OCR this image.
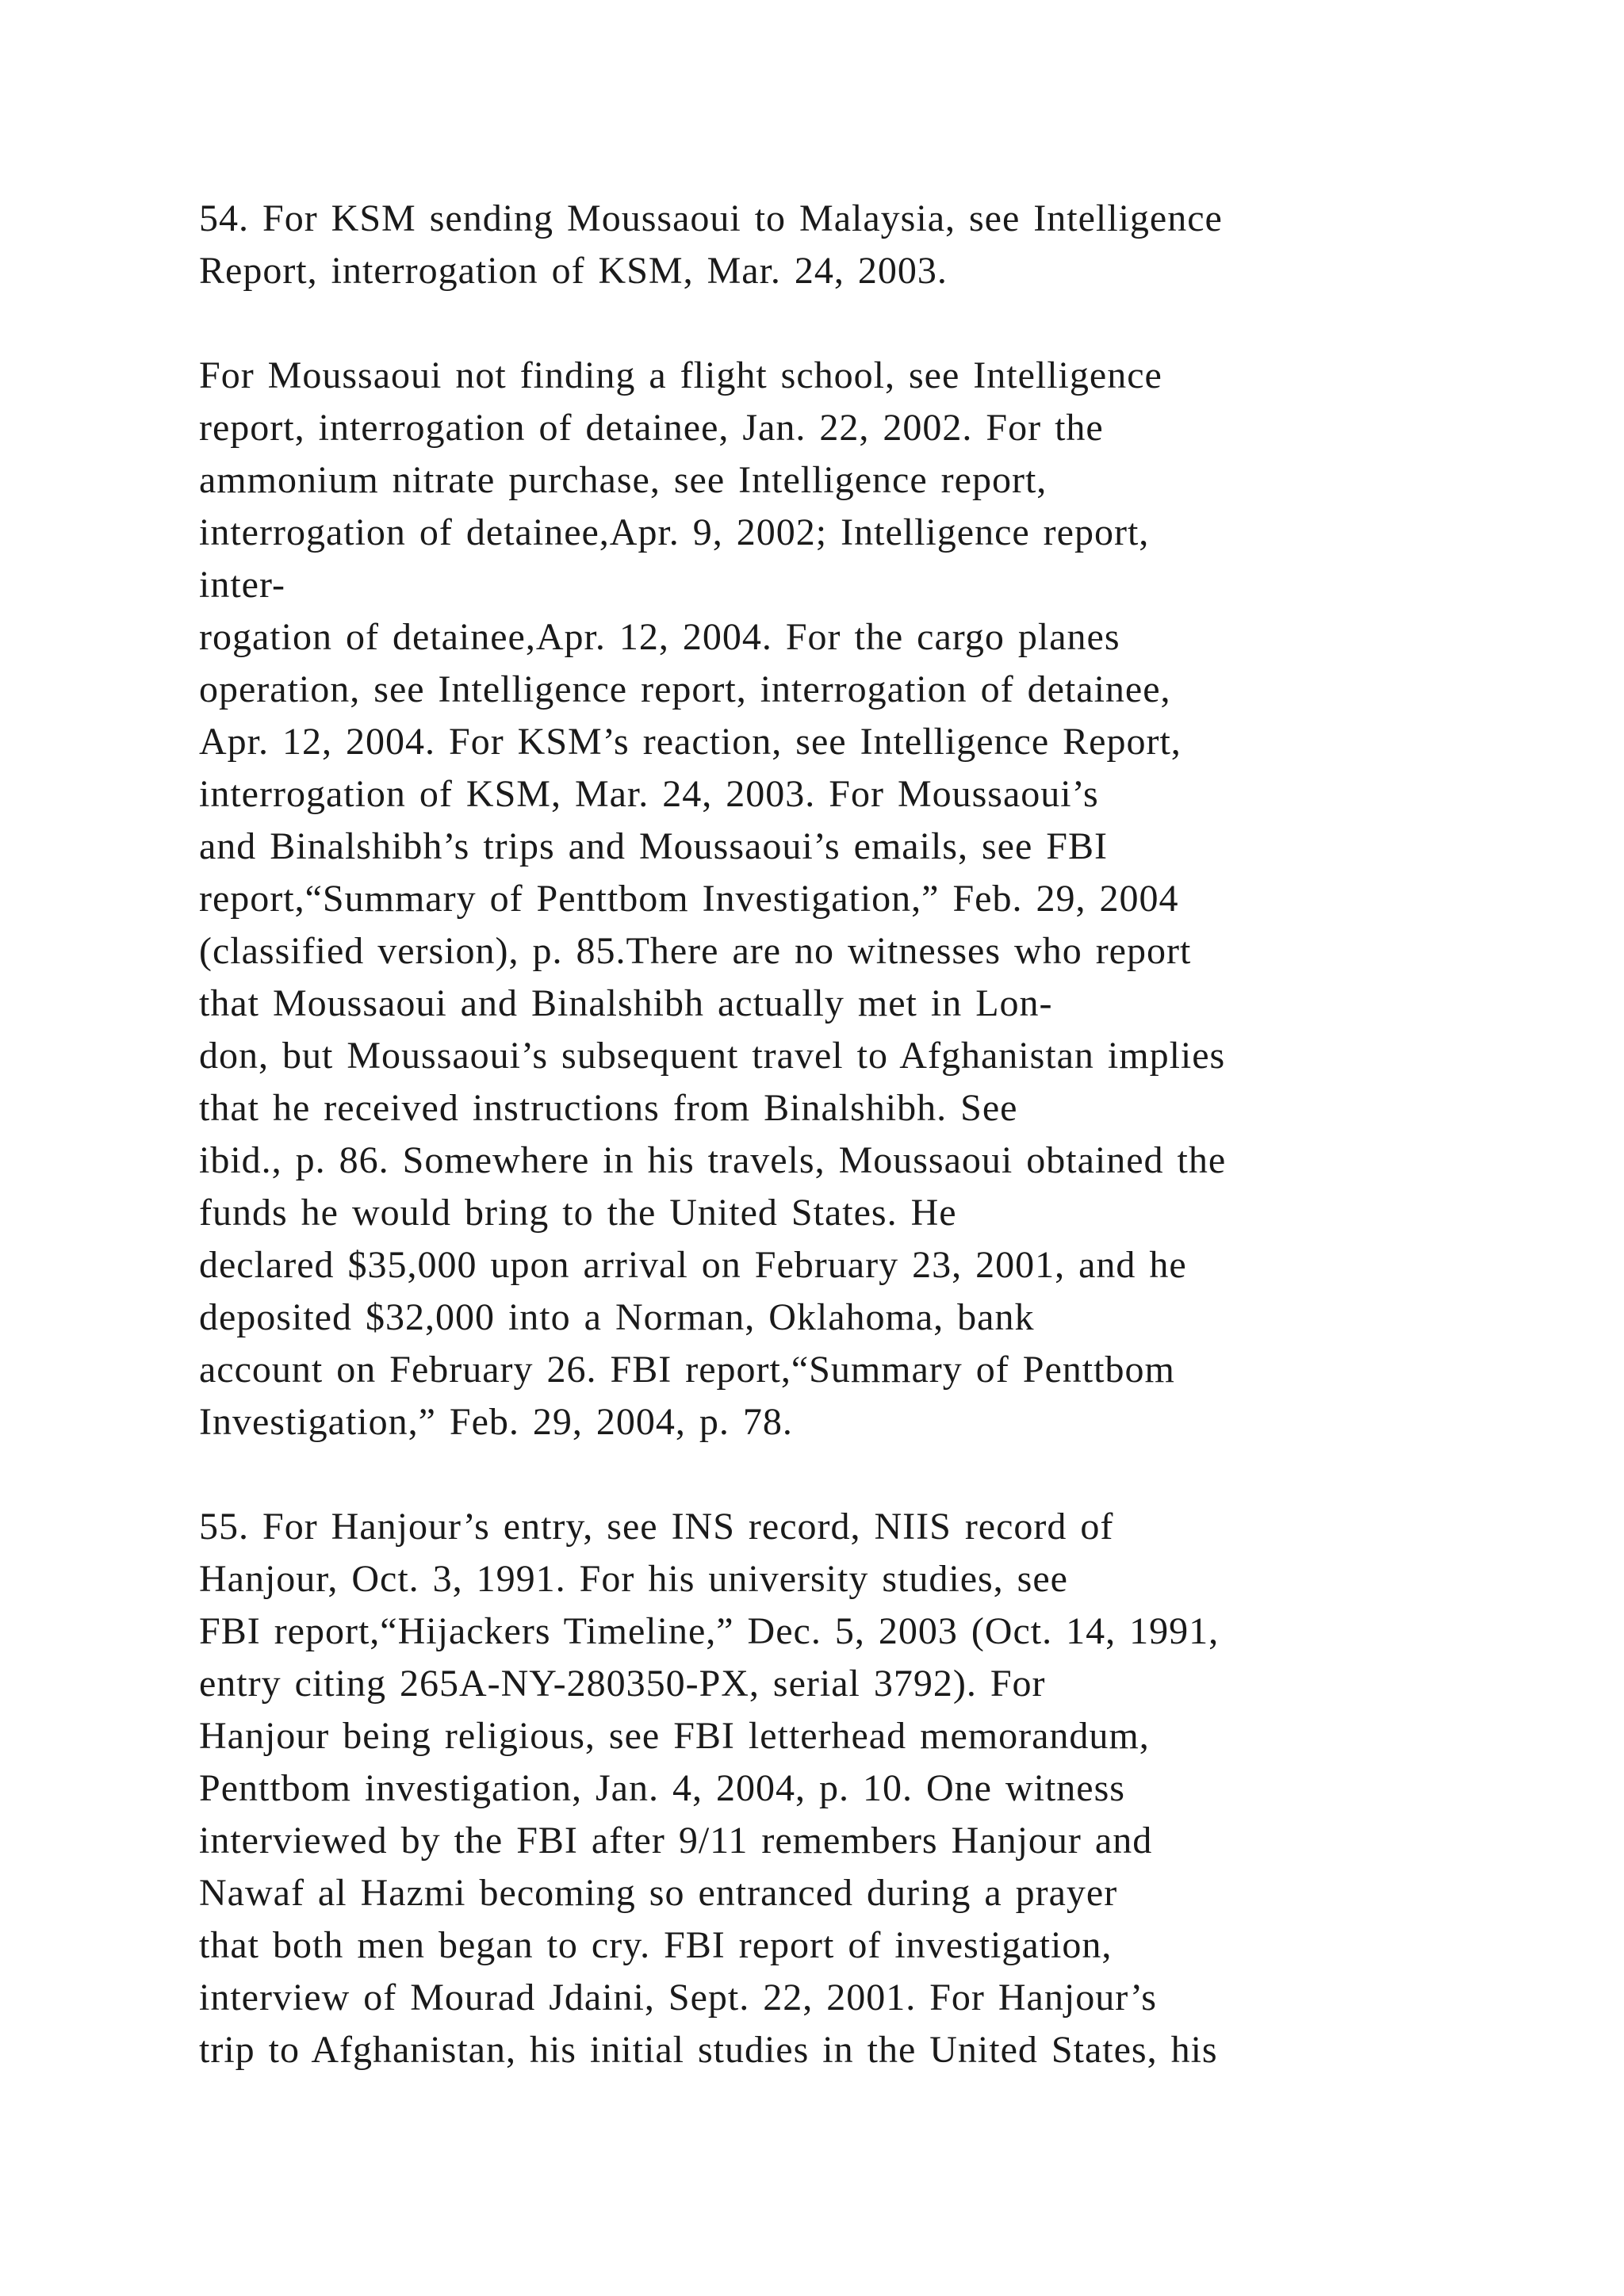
54. For KSM sending Moussaoui to Malaysia, see Intelligence
Report, interrogation of KSM, Mar. 24, 2003.
For Moussaoui not finding a flight school, see Intelligence
report, interrogation of detainee, Jan. 22, 2002. For the
ammonium nitrate purchase, see Intelligence report,
interrogation of detainee,Apr. 9, 2002; Intelligence report,
inter-
rogation of detainee,Apr. 12, 2004. For the cargo planes
operation, see Intelligence report, interrogation of detainee,
Apr. 12, 2004. For KSM’s reaction, see Intelligence Report,
interrogation of KSM, Mar. 24, 2003. For Moussaoui’s
and Binalshibh’s trips and Moussaoui’s emails, see FBI
report,“Summary of Penttbom Investigation,” Feb. 29, 2004
(classified version), p. 85.There are no witnesses who report
that Moussaoui and Binalshibh actually met in Lon-
don, but Moussaoui’s subsequent travel to Afghanistan implies
that he received instructions from Binalshibh. See
ibid., p. 86. Somewhere in his travels, Moussaoui obtained the
funds he would bring to the United States. He
declared $35,000 upon arrival on February 23, 2001, and he
deposited $32,000 into a Norman, Oklahoma, bank
account on February 26. FBI report,“Summary of Penttbom
Investigation,” Feb. 29, 2004, p. 78.
55. For Hanjour’s entry, see INS record, NIIS record of
Hanjour, Oct. 3, 1991. For his university studies, see
FBI report,“Hijackers Timeline,” Dec. 5, 2003 (Oct. 14, 1991,
entry citing 265A-NY-280350-PX, serial 3792). For
Hanjour being religious, see FBI letterhead memorandum,
Penttbom investigation, Jan. 4, 2004, p. 10. One witness
interviewed by the FBI after 9/11 remembers Hanjour and
Nawaf al Hazmi becoming so entranced during a prayer
that both men began to cry. FBI report of investigation,
interview of Mourad Jdaini, Sept. 22, 2001. For Hanjour’s
trip to Afghanistan, his initial studies in the United States, his
